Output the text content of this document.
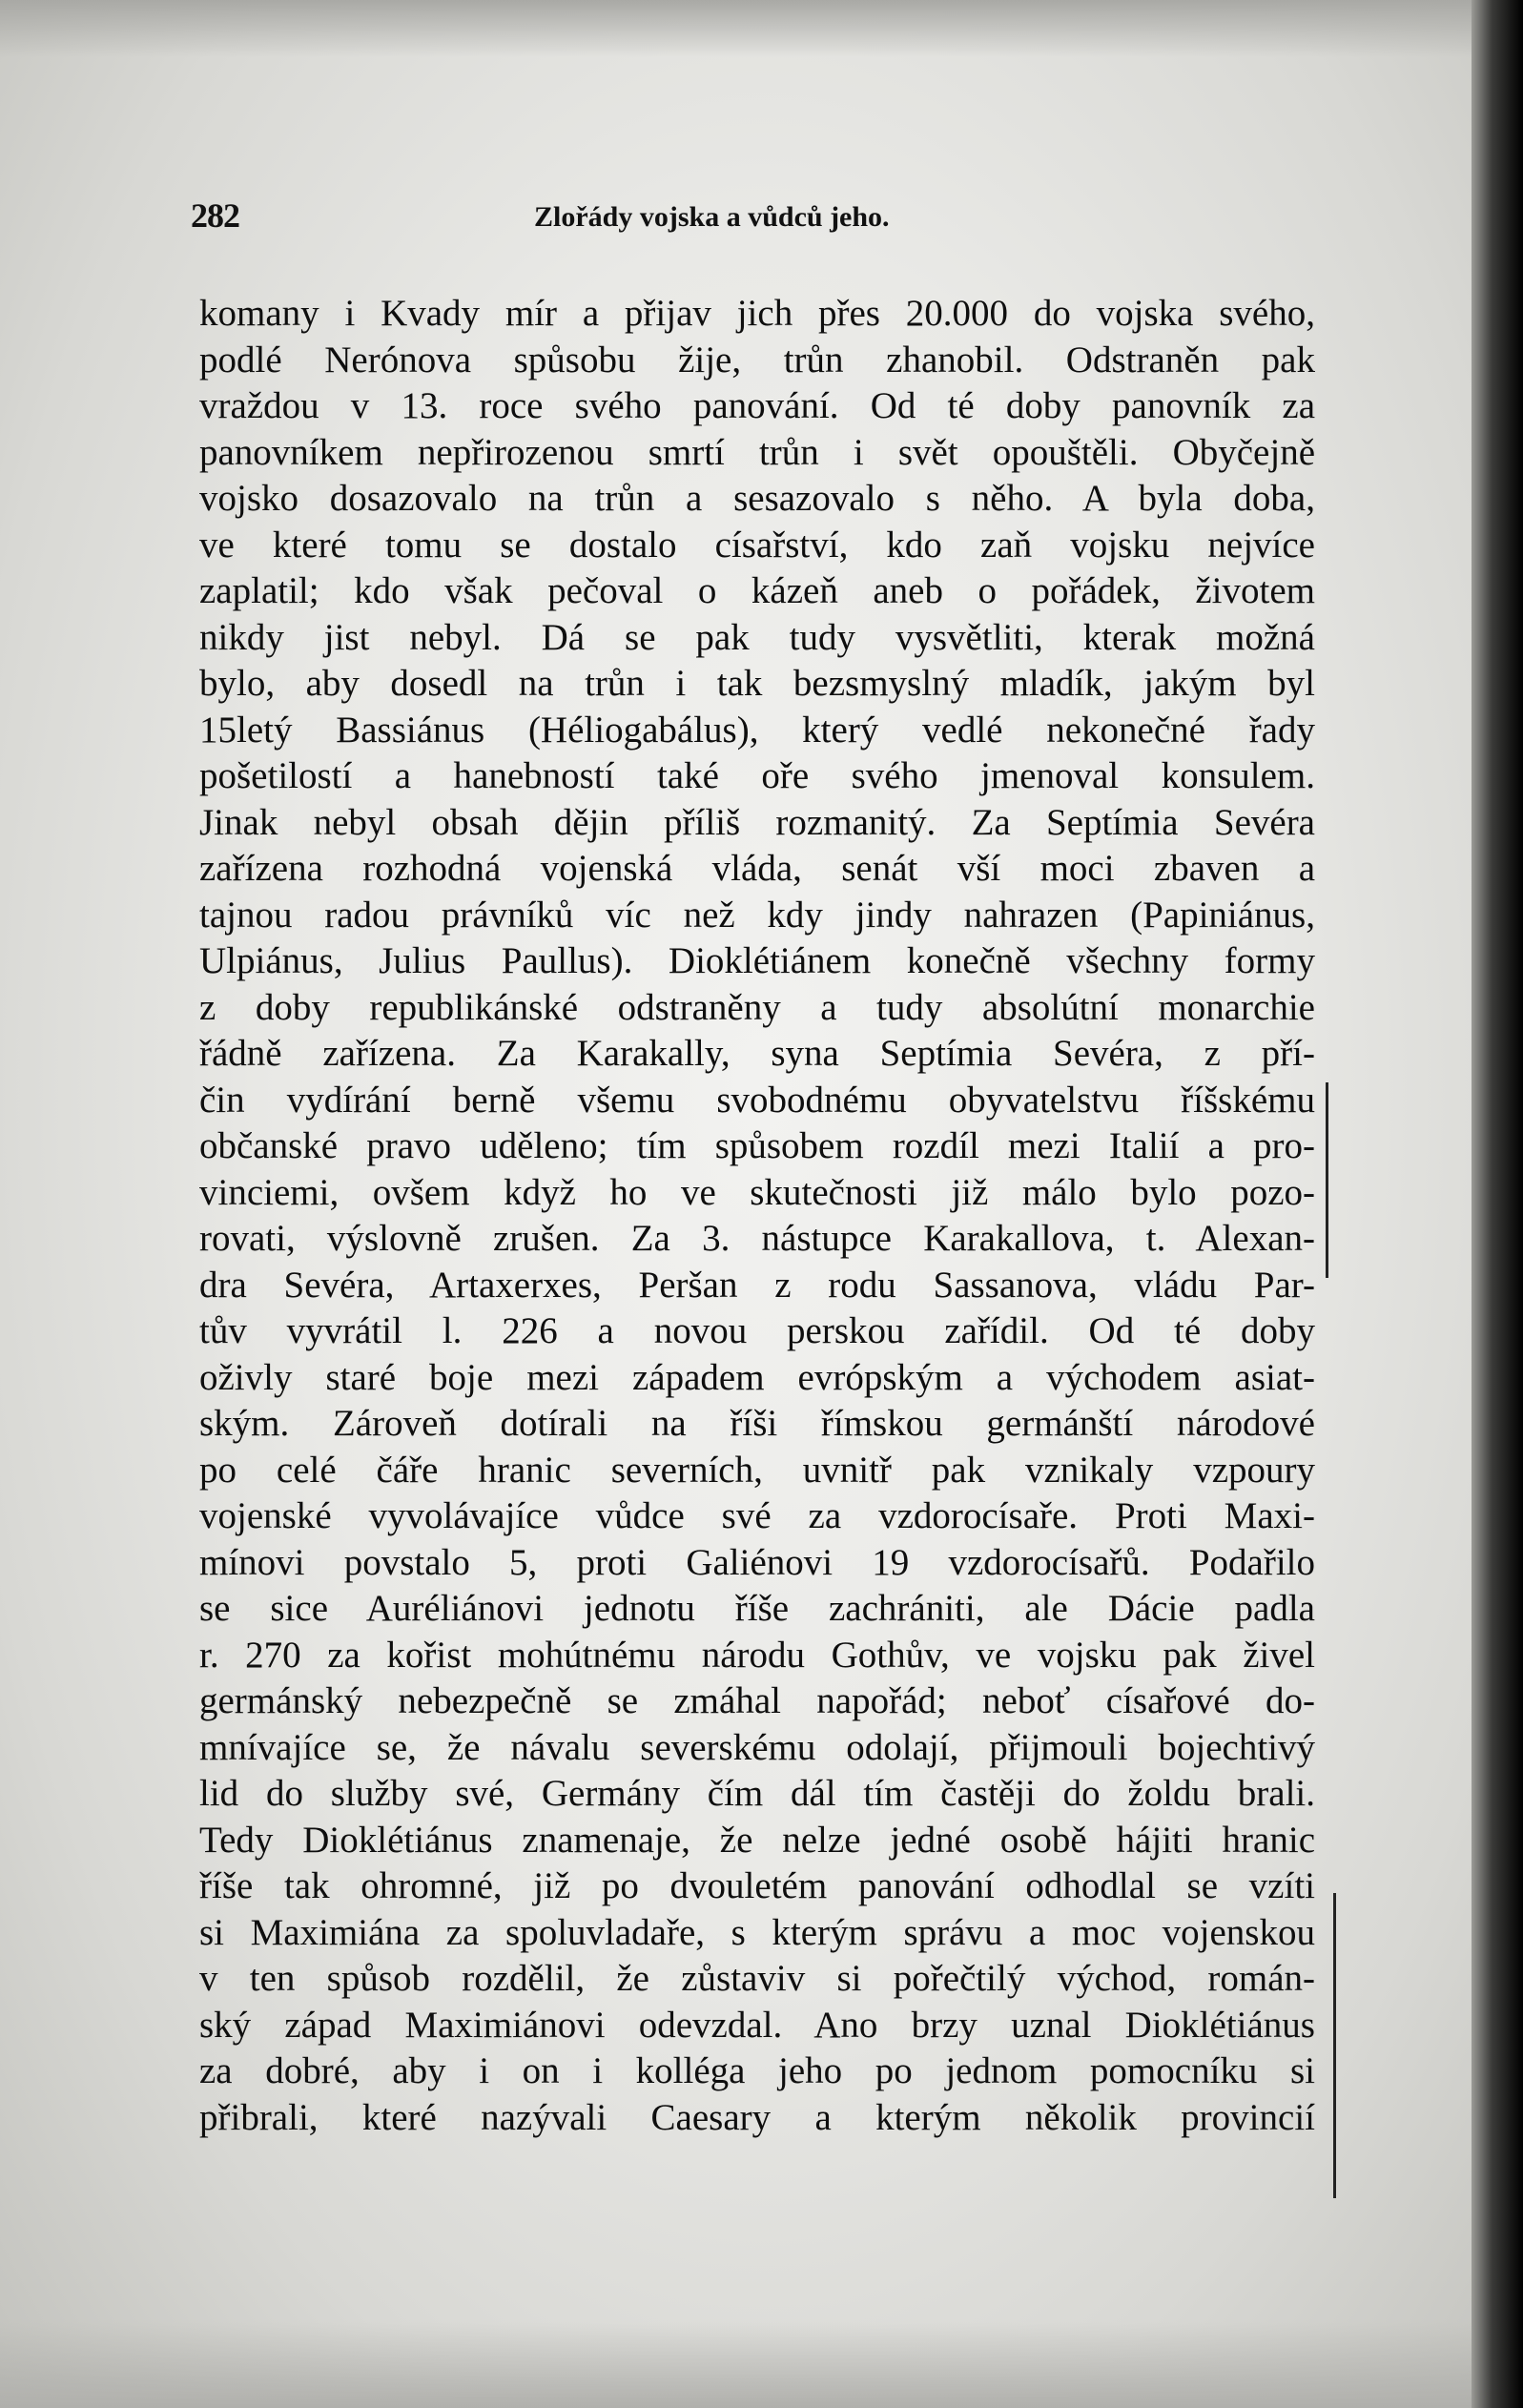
282	Zlořády vojska a vůdců jeho.
komany i Kvady mír a přijav jich přes 20.000 do vojska svého,
podlé Nerónova spůsobu žije, trůn zhanobil. Odstraněn pak
vraždou v 13. roce svého panování. Od té doby panovník za
panovníkem nepřirozenou smrtí trůn i svět opouštěli. Obyčejně
vojsko dosazovalo na trůn a sesazovalo s něho. A byla doba,
ve které tomu se dostalo císařství, kdo zaň vojsku nejvíce
zaplatil; kdo však pečoval o kázeň aneb o pořádek, životem
nikdy jist nebyl. Dá se pak tudy vysvětliti, kterak možná
bylo, aby dosedl na trůn i tak bezsmyslný mladík, jakým byl
15letý Bassiánus (Héliogabálus), který vedlé nekonečné řady
pošetilostí a hanebností také oře svého jmenoval konsulem.
Jinak nebyl obsah dějin příliš rozmanitý. Za Septímia Sevéra
zařízena rozhodná vojenská vláda, senát vší moci zbaven a
tajnou radou právníků víc než kdy jindy nahrazen (Papiniánus,
Ulpiánus, Julius Paullus). Dioklétiánem konečně všechny formy
z doby republikánské odstraněny a tudy absolútní monarchie
řádně zařízena. Za Karakally, syna Septímia Sevéra, z pří-
čin vydírání berně všemu svobodnému obyvatelstvu říšskému
občanské pravo uděleno; tím spůsobem rozdíl mezi Italií a pro-
vinciemi, ovšem když ho ve skutečnosti již málo bylo pozo-
rovati, výslovně zrušen. Za 3. nástupce Karakallova, t. Alexan-
dra Sevéra, Artaxerxes, Peršan z rodu Sassanova, vládu Par-
tův vyvrátil l. 226 a novou perskou zařídil. Od té doby
oživly staré boje mezi západem evrópským a východem asiat-
ským. Zároveň dotírali na říši římskou germánští národové
po celé čáře hranic severních, uvnitř pak vznikaly vzpoury
vojenské vyvolávajíce vůdce své za vzdorocísaře. Proti Maxi-
mínovi povstalo 5, proti Galiénovi 19 vzdorocísařů. Podařilo
se sice Auréliánovi jednotu říše zachrániti, ale Dácie padla
r. 270 za kořist mohútnému národu Gothův, ve vojsku pak živel
germánský nebezpečně se zmáhal napořád; neboť císařové do-
mnívajíce se, že návalu severskému odolají, přijmouli bojechtivý
lid do služby své, Germány čím dál tím častěji do žoldu brali.
Tedy Dioklétiánus znamenaje, že nelze jedné osobě hájiti hranic
říše tak ohromné, již po dvouletém panování odhodlal se vzíti
si Maximiána za spoluvladaře, s kterým správu a moc vojenskou
v ten spůsob rozdělil, že zůstaviv si pořečtilý východ, román-
ský západ Maximiánovi odevzdal. Ano brzy uznal Dioklétiánus
za dobré, aby i on i kolléga jeho po jednom pomocníku si
přibrali, které nazývali Caesary a kterým několik provincií
